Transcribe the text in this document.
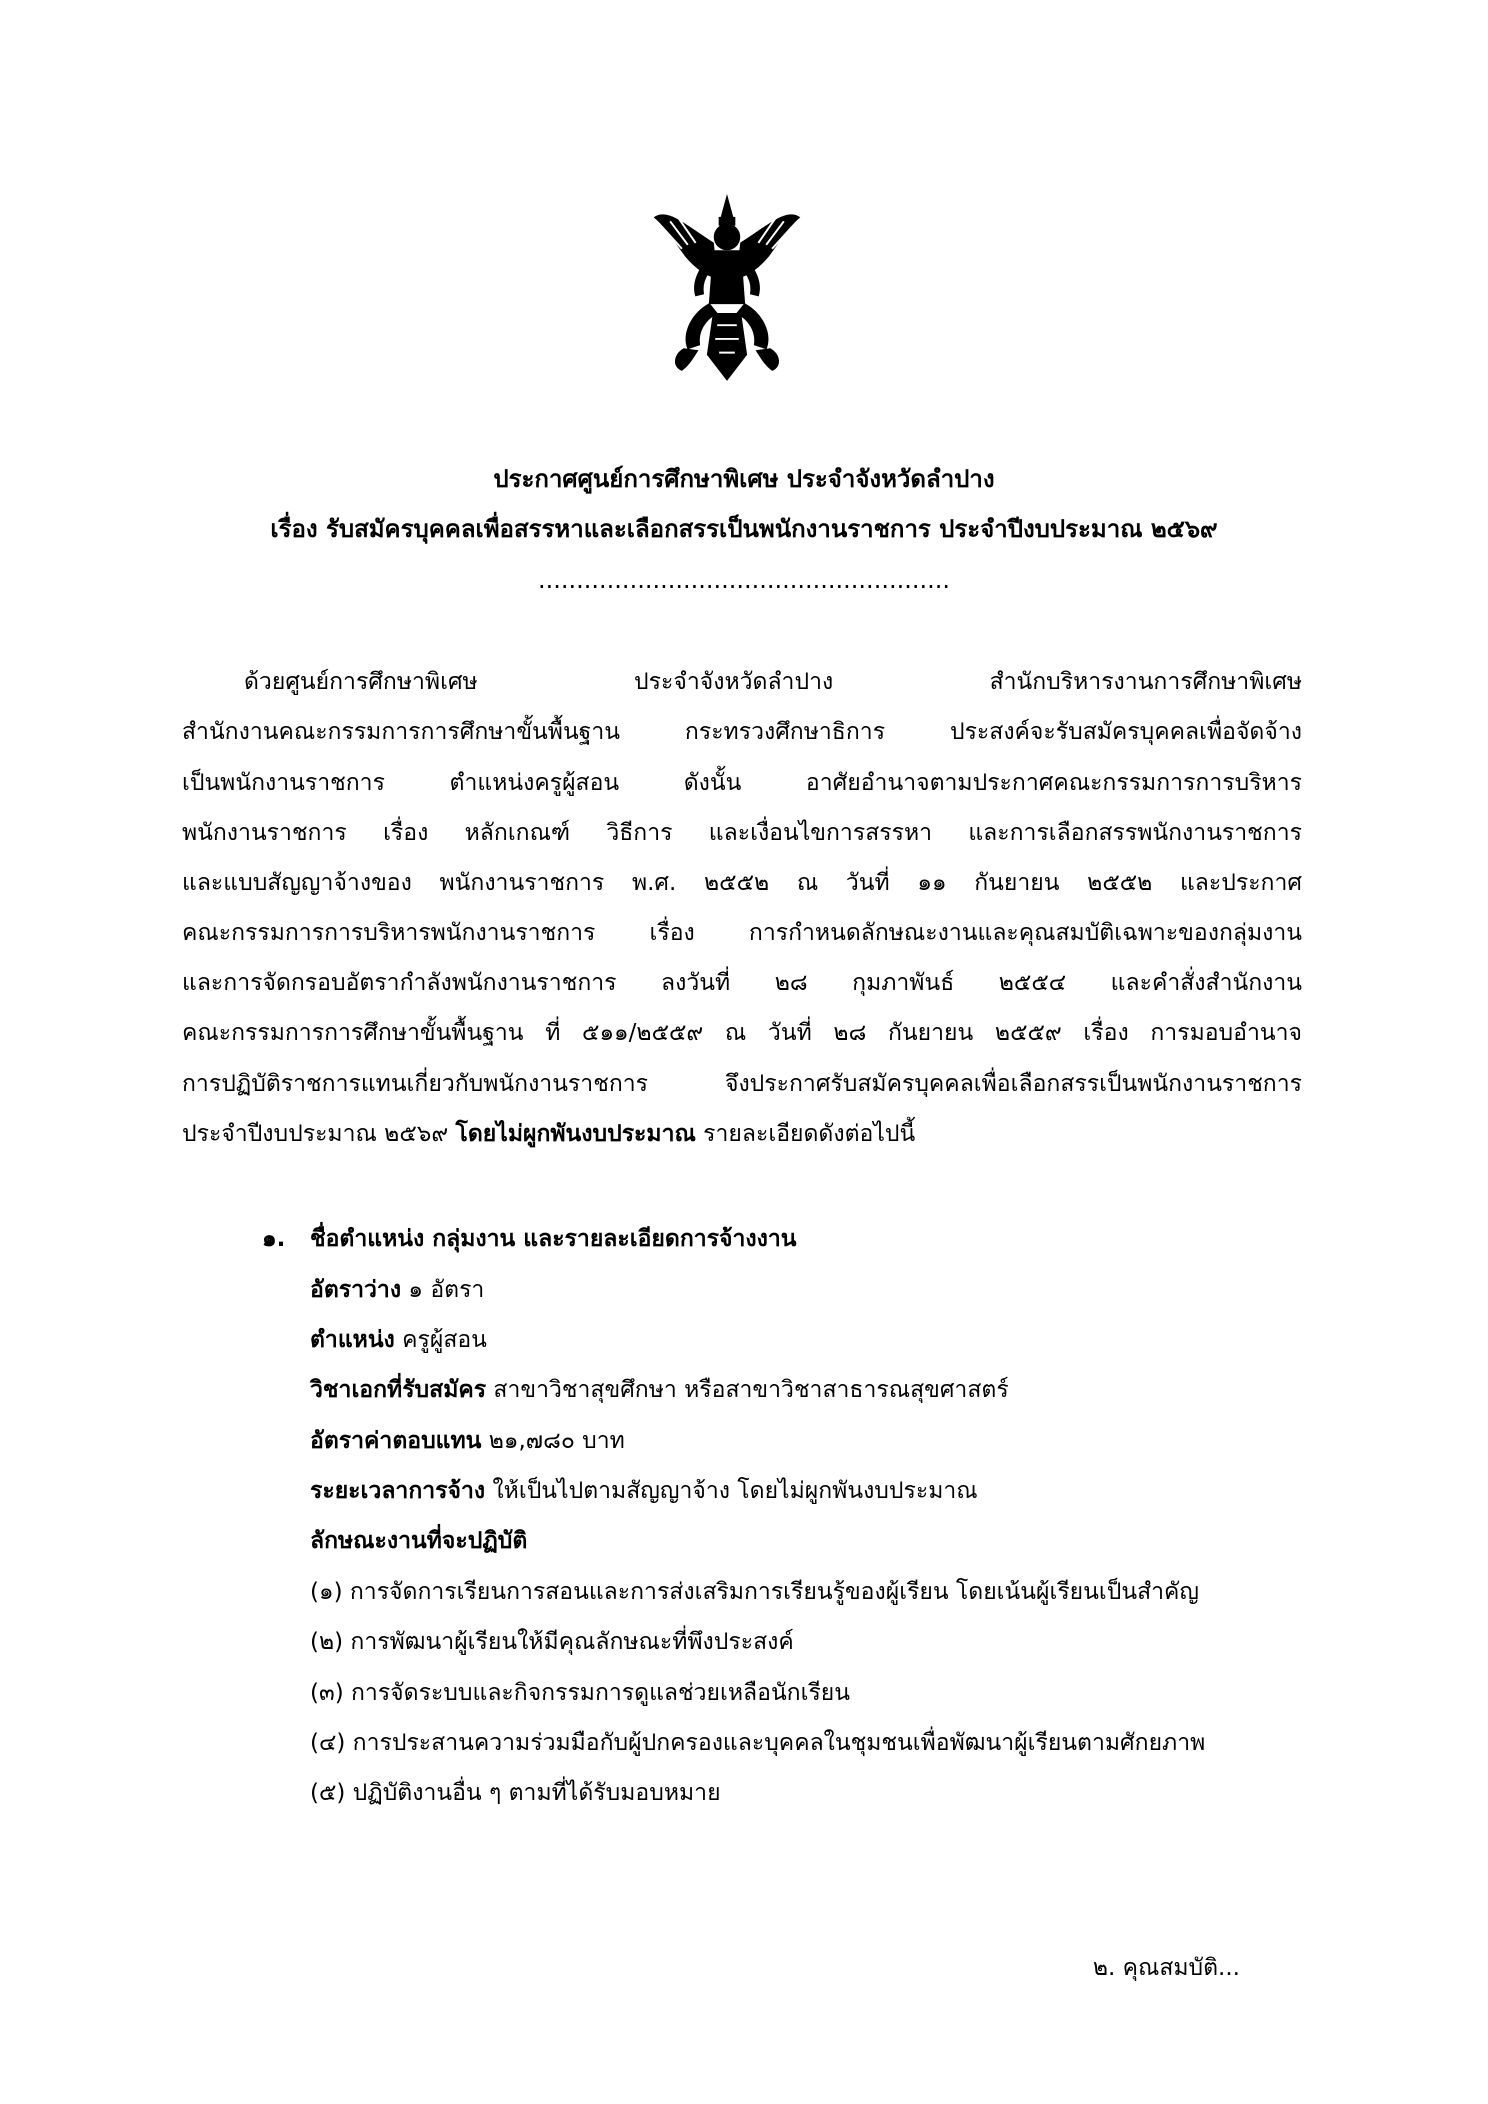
ประกาศศูนย์การศึกษาพิเศษ ประจำจังหวัดลำปาง
เรื่อง รับสมัครบุคคลเพื่อสรรหาและเลือกสรรเป็นพนักงานราชการ ประจำปีงบประมาณ ๒๕๖๙
......................................................
ด้วยศูนย์การศึกษาพิเศษ ประจำจังหวัดลำปาง สำนักบริหารงานการศึกษาพิเศษ
สำนักงานคณะกรรมการการศึกษาขั้นพื้นฐาน กระทรวงศึกษาธิการ ประสงค์จะรับสมัครบุคคลเพื่อจัดจ้าง
เป็นพนักงานราชการ ตำแหน่งครูผู้สอน ดังนั้น อาศัยอำนาจตามประกาศคณะกรรมการการบริหาร
พนักงานราชการ เรื่อง หลักเกณฑ์ วิธีการ และเงื่อนไขการสรรหา และการเลือกสรรพนักงานราชการ
และแบบสัญญาจ้างของ พนักงานราชการ พ.ศ. ๒๕๕๒ ณ วันที่ ๑๑ กันยายน ๒๕๕๒ และประกาศ
คณะกรรมการการบริหารพนักงานราชการ เรื่อง การกำหนดลักษณะงานและคุณสมบัติเฉพาะของกลุ่มงาน
และการจัดกรอบอัตรากำลังพนักงานราชการ ลงวันที่ ๒๘ กุมภาพันธ์ ๒๕๕๔ และคำสั่งสำนักงาน
คณะกรรมการการศึกษาขั้นพื้นฐาน ที่ ๕๑๑/๒๕๕๙ ณ วันที่ ๒๘ กันยายน ๒๕๕๙ เรื่อง การมอบอำนาจ
การปฏิบัติราชการแทนเกี่ยวกับพนักงานราชการ จึงประกาศรับสมัครบุคคลเพื่อเลือกสรรเป็นพนักงานราชการ
ประจำปีงบประมาณ ๒๕๖๙ โดยไม่ผูกพันงบประมาณ รายละเอียดดังต่อไปนี้
๑. ชื่อตำแหน่ง กลุ่มงาน และรายละเอียดการจ้างงาน
อัตราว่าง ๑ อัตรา
ตำแหน่ง ครูผู้สอน
วิชาเอกที่รับสมัคร สาขาวิชาสุขศึกษา หรือสาขาวิชาสาธารณสุขศาสตร์
อัตราค่าตอบแทน ๒๑,๗๘๐ บาท
ระยะเวลาการจ้าง ให้เป็นไปตามสัญญาจ้าง โดยไม่ผูกพันงบประมาณ
ลักษณะงานที่จะปฏิบัติ
(๑) การจัดการเรียนการสอนและการส่งเสริมการเรียนรู้ของผู้เรียน โดยเน้นผู้เรียนเป็นสำคัญ
(๒) การพัฒนาผู้เรียนให้มีคุณลักษณะที่พึงประสงค์
(๓) การจัดระบบและกิจกรรมการดูแลช่วยเหลือนักเรียน
(๔) การประสานความร่วมมือกับผู้ปกครองและบุคคลในชุมชนเพื่อพัฒนาผู้เรียนตามศักยภาพ
(๕) ปฏิบัติงานอื่น ๆ ตามที่ได้รับมอบหมาย
๒. คุณสมบัติ...
